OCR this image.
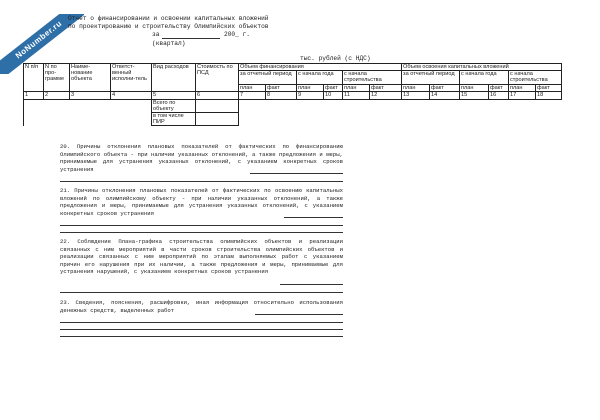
NoNumber.ru
Отчет о финансировании и освоении капитальных вложений
по проектированию и строительству Олимпийских объектов
за	200_ г.
(квартал)
тыс. рублей (с НДС)
N п/п	N по про-грамме	Наиме-нование объекта	Ответст-венный исполни-тель	Вид расходов	Стоимость по ПСД	Объем финансирования						Объем освоения капитальных вложений					
						за отчетный период		с начала года		с начала строительства		за отчетный период		с начала года		с начала строительства	
						план	факт	план	факт	план	факт	план	факт	план	факт	план	факт
1	2	3	4	5	6	7	8	9	10	11	12	13	14	15	16	17	18
				Всего по объекту													
				в том числе ПИР													
20. Причины отклонения плановых показателей от фактических по финансированию Олимпийского объекта - при наличии указанных отклонений, а также предложения и меры, принимаемые для устранения указанных отклонений, с указанием конкретных сроков устранения
21. Причины отклонения плановых показателей от фактических по освоению капитальных вложений по олимпийскому объекту - при наличии указанных отклонений, а также предложения и меры, принимаемые для устранения указанных отклонений, с указанием конкретных сроков устранения
22. Соблюдение Плана-графика строительства олимпийских объектов и реализации связанных с ним мероприятий в части сроков строительства олимпийских объектов и реализации связанных с ним мероприятий по этапам выполняемых работ с указанием причин его нарушения при их наличии, а также предложения и меры, принимаемые для устранения нарушений, с указанием конкретных сроков устранения
23. Сведения, пояснения, расшифровки, иная информация относительно использования денежных средств, выделенных работ
